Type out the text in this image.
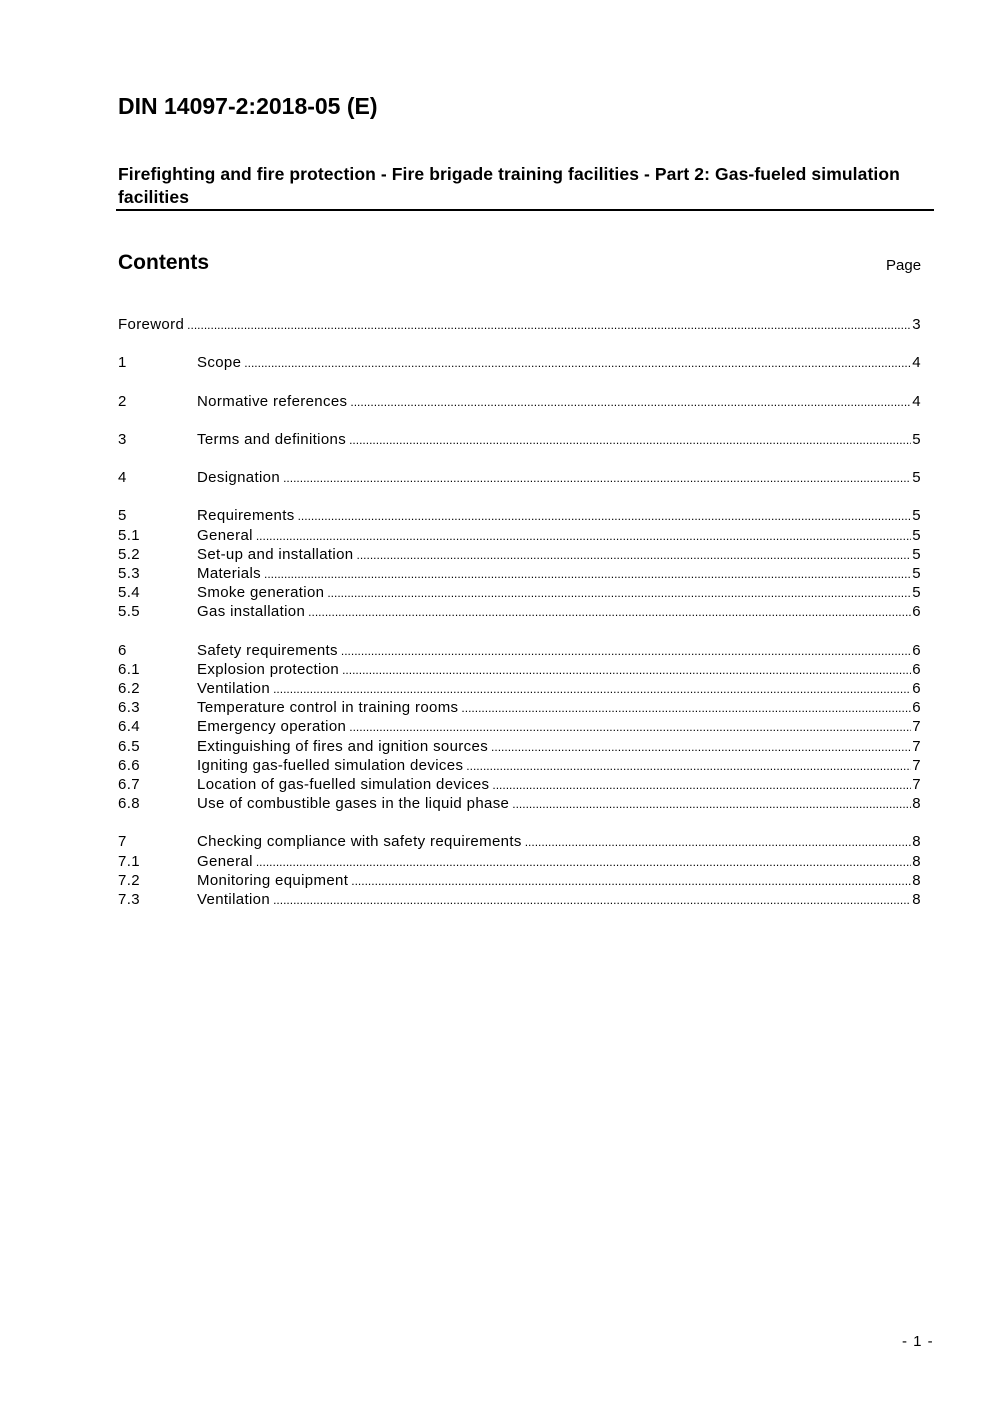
DIN 14097-2:2018-05 (E)
Firefighting and fire protection - Fire brigade training facilities - Part 2: Gas-fueled simulation facilities
Contents	Page
Foreword .....	3
1	Scope .....	4
2	Normative references .....	4
3	Terms and definitions .....	5
4	Designation .....	5
5	Requirements .....	5
5.1	General .....	5
5.2	Set-up and installation .....	5
5.3	Materials .....	5
5.4	Smoke generation .....	5
5.5	Gas installation .....	6
6	Safety requirements .....	6
6.1	Explosion protection .....	6
6.2	Ventilation .....	6
6.3	Temperature control in training rooms .....	6
6.4	Emergency operation .....	7
6.5	Extinguishing of fires and ignition sources .....	7
6.6	Igniting gas-fuelled simulation devices .....	7
6.7	Location of gas-fuelled simulation devices .....	7
6.8	Use of combustible gases in the liquid phase .....	8
7	Checking compliance with safety requirements .....	8
7.1	General .....	8
7.2	Monitoring equipment .....	8
7.3	Ventilation .....	8
- 1 -
